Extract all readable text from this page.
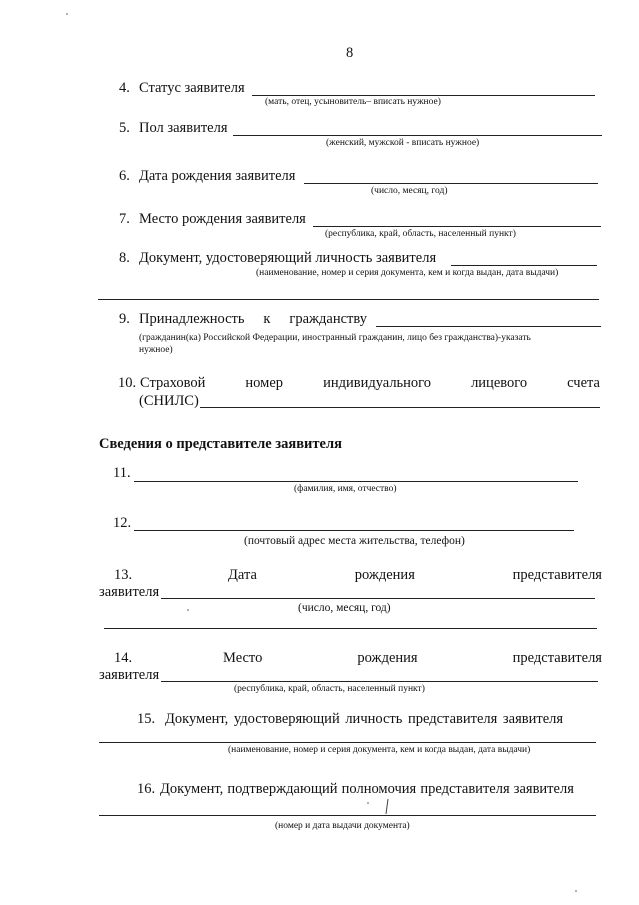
8
4. Статус заявителя
(мать, отец, усыновитель– вписать нужное)
5. Пол заявителя
(женский, мужской - вписать нужное)
6. Дата рождения заявителя
(число, месяц, год)
7. Место рождения заявителя
(республика, край, область, населенный пункт)
8. Документ, удостоверяющий личность заявителя
(наименование, номер и серия документа, кем и когда выдан, дата выдачи)
9. Принадлежность к гражданству
(гражданин(ка) Российской Федерации, иностранный гражданин, лицо без гражданства)-указать
нужное)
10. Страховой	номер	индивидуального	лицевого	счета
(СНИЛС)
Сведения о представителе заявителя
11.
(фамилия, имя, отчество)
12.
(почтовый адрес места жительства, телефон)
13.	Дата	рождения	представителя
заявителя
(число, месяц, год)
14.	Место	рождения	представителя
заявителя
(республика, край, область, населенный пункт)
15. Документ, удостоверяющий личность представителя заявителя
(наименование, номер и серия документа, кем и когда выдан, дата выдачи)
16. Документ, подтверждающий полномочия представителя заявителя
(номер и дата выдачи документа)
